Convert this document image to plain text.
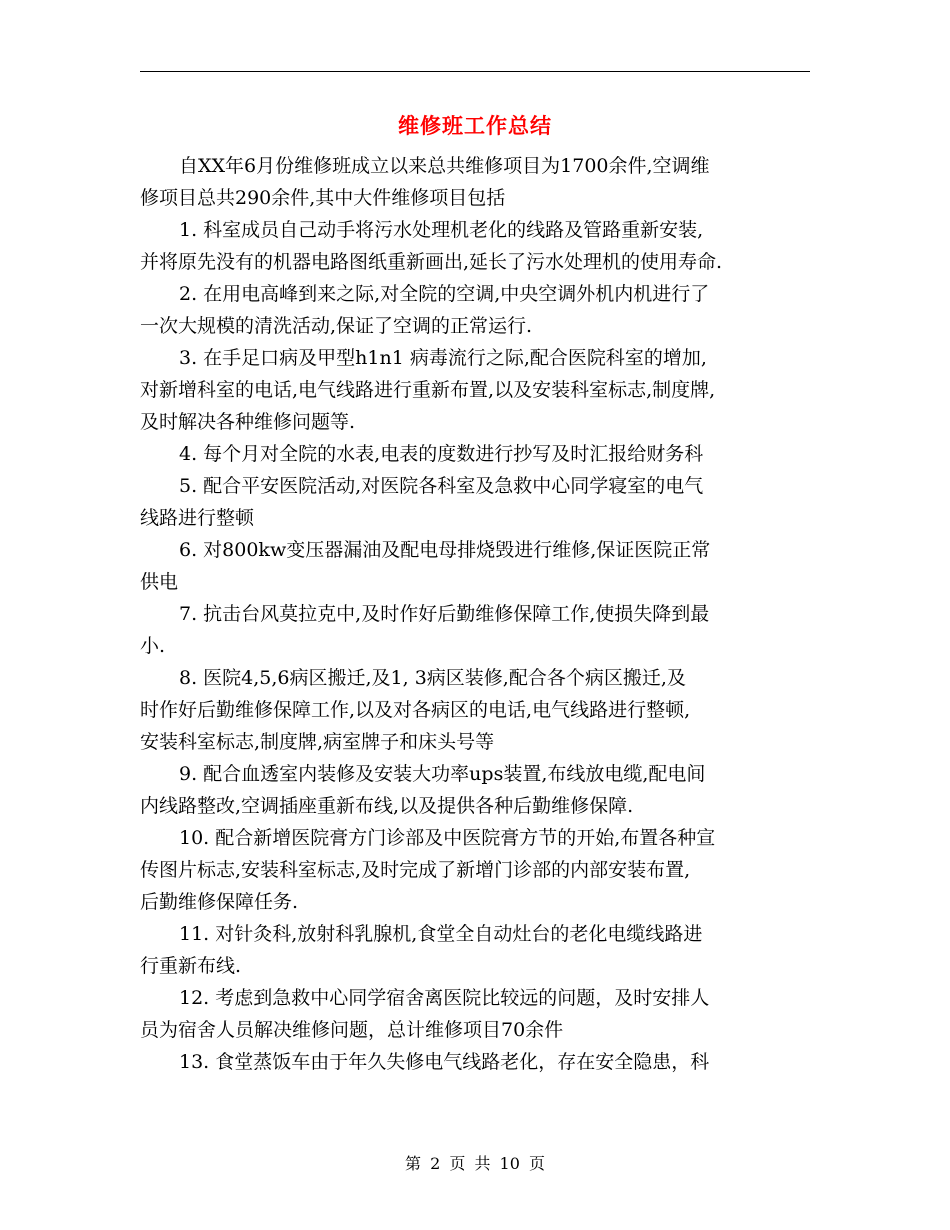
维修班工作总结

自XX年6月份维修班成立以来总共维修项目为1700余件,空调维
修项目总共290余件,其中大件维修项目包括

1. 科室成员自己动手将污水处理机老化的线路及管路重新安装,
并将原先没有的机器电路图纸重新画出,延长了污水处理机的使用寿命.

2. 在用电高峰到来之际,对全院的空调,中央空调外机内机进行了
一次大规模的清洗活动,保证了空调的正常运行.

3. 在手足口病及甲型h1n1 病毒流行之际,配合医院科室的增加,
对新增科室的电话,电气线路进行重新布置,以及安装科室标志,制度牌,
及时解决各种维修问题等.

4. 每个月对全院的水表,电表的度数进行抄写及时汇报给财务科

5. 配合平安医院活动,对医院各科室及急救中心同学寝室的电气
线路进行整顿

6. 对800kw变压器漏油及配电母排烧毁进行维修,保证医院正常
供电

7. 抗击台风莫拉克中,及时作好后勤维修保障工作,使损失降到最
小.

8. 医院4,5,6病区搬迁,及1, 3病区装修,配合各个病区搬迁,及
时作好后勤维修保障工作,以及对各病区的电话,电气线路进行整顿,
安装科室标志,制度牌,病室牌子和床头号等

9. 配合血透室内装修及安装大功率ups装置,布线放电缆,配电间
内线路整改,空调插座重新布线,以及提供各种后勤维修保障.

10. 配合新增医院膏方门诊部及中医院膏方节的开始,布置各种宣
传图片标志,安装科室标志,及时完成了新增门诊部的内部安装布置,
后勤维修保障任务.

11. 对针灸科,放射科乳腺机,食堂全自动灶台的老化电缆线路进
行重新布线.

12. 考虑到急救中心同学宿舍离医院比较远的问题，及时安排人
员为宿舍人员解决维修问题，总计维修项目70余件

13. 食堂蒸饭车由于年久失修电气线路老化，存在安全隐患，科

第 2 页 共 10 页
